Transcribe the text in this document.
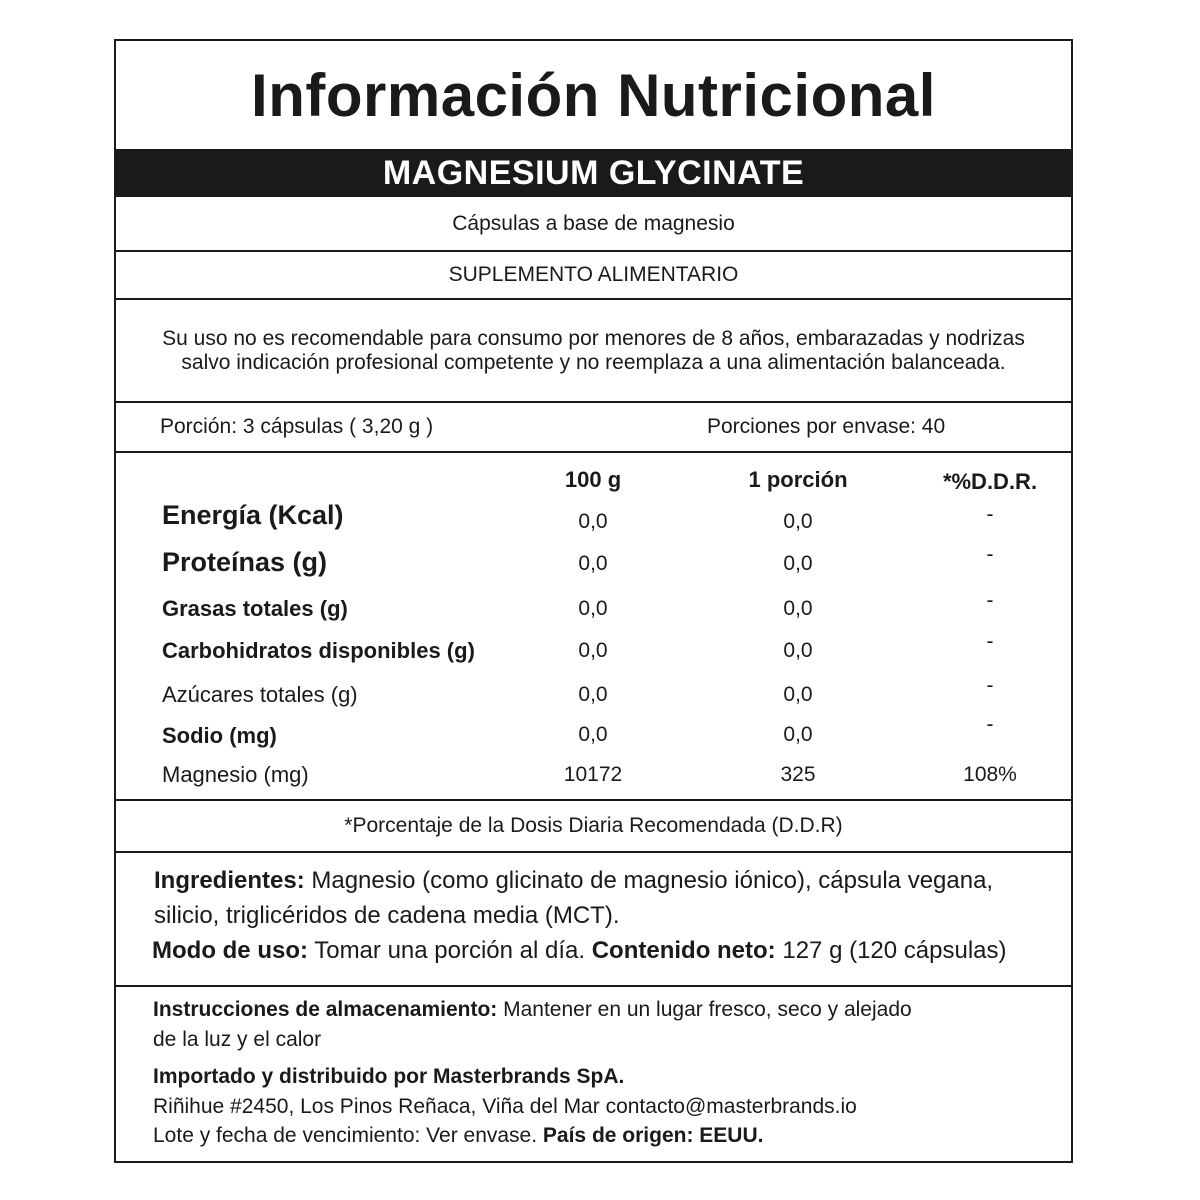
Información Nutricional
MAGNESIUM GLYCINATE
Cápsulas a base de magnesio
SUPLEMENTO ALIMENTARIO
Su uso no es recomendable para consumo por menores de 8 años, embarazadas y nodrizas salvo indicación profesional competente y no reemplaza a una alimentación balanceada.
Porción: 3 cápsulas ( 3,20 g )	Porciones por envase: 40
100 g	1 porción	*%D.D.R.
Energía (Kcal)	0,0	0,0	-
Proteínas (g)	0,0	0,0	-
Grasas totales (g)	0,0	0,0	-
Carbohidratos disponibles (g)	0,0	0,0	-
Azúcares totales (g)	0,0	0,0	-
Sodio (mg)	0,0	0,0	-
Magnesio (mg)	10172	325	108%
*Porcentaje de la Dosis Diaria Recomendada (D.D.R)
Ingredientes: Magnesio (como glicinato de magnesio iónico), cápsula vegana, silicio, triglicéridos de cadena media (MCT).
Modo de uso: Tomar una porción al día. Contenido neto: 127 g (120 cápsulas)
Instrucciones de almacenamiento: Mantener en un lugar fresco, seco y alejado
de la luz y el calor
Importado y distribuido por Masterbrands SpA.
Riñihue #2450, Los Pinos Reñaca, Viña del Mar contacto@masterbrands.io
Lote y fecha de vencimiento: Ver envase. País de origen: EEUU.
